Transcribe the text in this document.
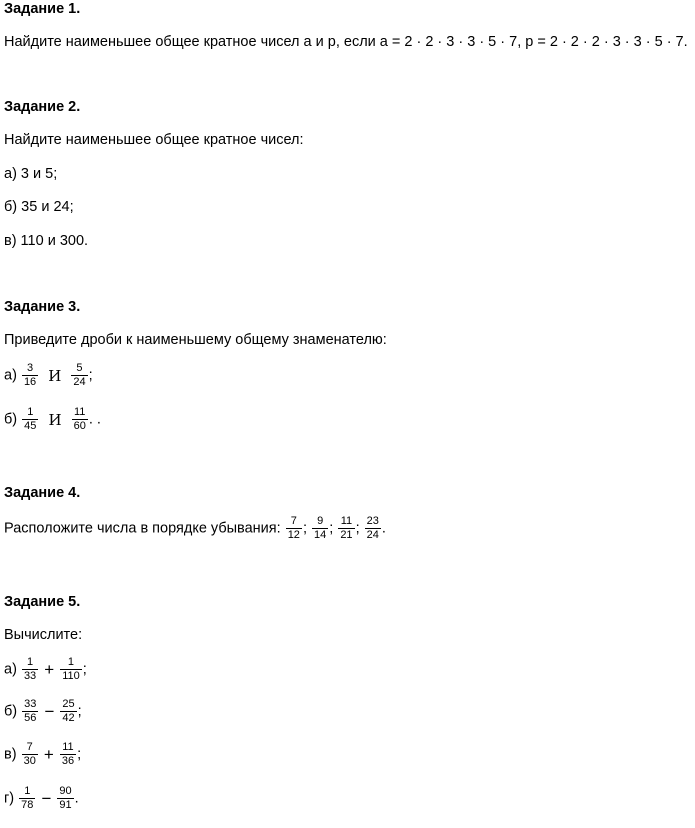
Задание 1.
Найдите наименьшее общее кратное чисел a и p, если a = 2 · 2 · 3 · 3 · 5 · 7, p = 2 · 2 · 2 · 3 · 3 · 5 · 7.
Задание 2.
Найдите наименьшее общее кратное чисел:
а) 3 и 5;
б) 35 и 24;
в) 110 и 300.
Задание 3.
Приведите дроби к наименьшему общему знаменателю:
$а) \frac{3}{16}$ И $\frac{5}{24}$ ;
$б) \frac{1}{45}$ И $\frac{11}{60}$ . .
Задание 4.
Расположите числа в порядке убывания: $\frac{7}{12}$ ; $\frac{9}{14}$ ; $\frac{11}{21}$ ; $\frac{23}{24}$ .
Задание 5.
Вычислите:
$а) \frac{1}{33} + \frac{1}{110}$ ;
$б) \frac{33}{56} - \frac{25}{42}$ ;
$в) \frac{7}{30} + \frac{11}{36}$ ;
$г) \frac{1}{78} - \frac{90}{91}$ .
